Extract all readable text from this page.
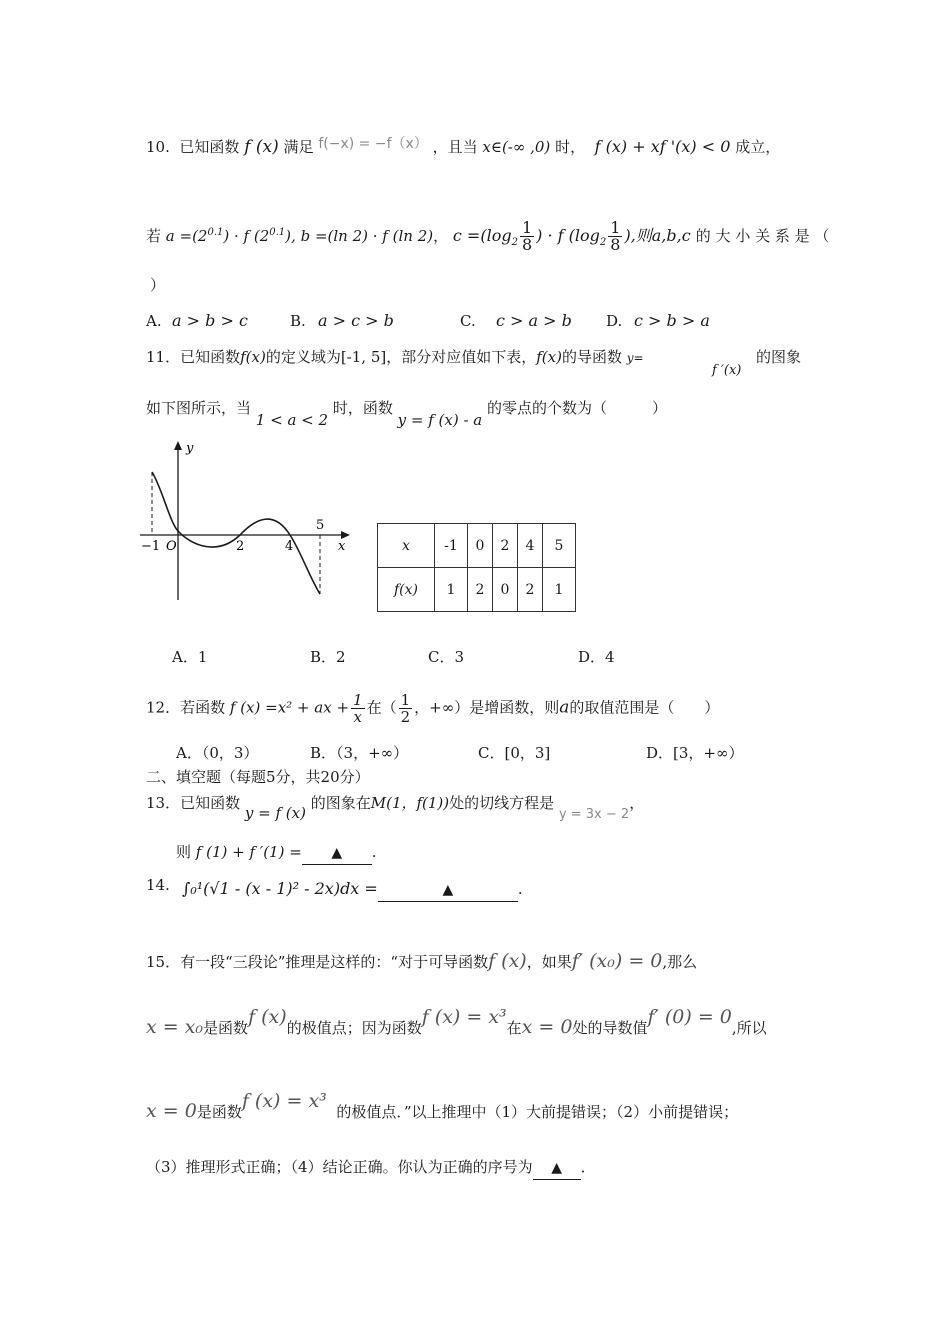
10. 已知函数 f (x) 满足 f(−x) = −f（x） ，且当 x∈(-∞ ,0) 时， f (x) + xf '(x) < 0 成立，
若 $a =(2^{0.1}) \cdot f$ $(2^{0.1})$, b =(ln 2) · f (ln 2)， $c =(\log_2 \frac{1}{8}$ ) · f ($\log_2 \frac{1}{8}$ ),则a,b,c 的 大 小 关 系 是 （
）
A. a > b > c	B. a > c > b	C. c > a > b D. c > b > a
11．已知函数f(x)的定义域为[-1, 5]，部分对应值如下表，f(x)的导函数 y=
f ′(x)
的图象
如下图所示，当 1 < a < 2 时，函数 y = f (x) - a 的零点的个数为（　　　）
y
x
−1 O	2	4
5
x	-1	0	2	4	5
f(x)	1	2	0	2	1
A．1	B．2	C．3	D．4
12．若函数 f (x) =x² + ax + $\frac{1}{x}$ 在（ $\frac{1}{2}$ ，+∞）是增函数，则a的取值范围是（　　）
A．（0，3）	B．（3，+∞）	C．[0，3]	D．[3，+∞）
二、填空题（每题5分，共20分）
13．已知函数 y = f (x) 的图象在M(1，f(1))处的切线方程是 y = 3x − 2，
则 f (1) + f ′(1) = ▲ .
14. ∫₀¹(√1 - (x - 1)² - 2x)dx =	▲	.
15．有一段“三段论”推理是这样的：“对于可导函数f (x)，如果f′ (x₀) = 0,那么
x = x₀是函数f (x)的极值点；因为函数f (x) = x³在x = 0处的导数值f′ (0) = 0,所以
x = 0是函数f (x) = x³ 的极值点．”以上推理中（1）大前提错误；（2）小前提错误；
（3）推理形式正确；（4）结论正确。你认为正确的序号为 ▲ ．
